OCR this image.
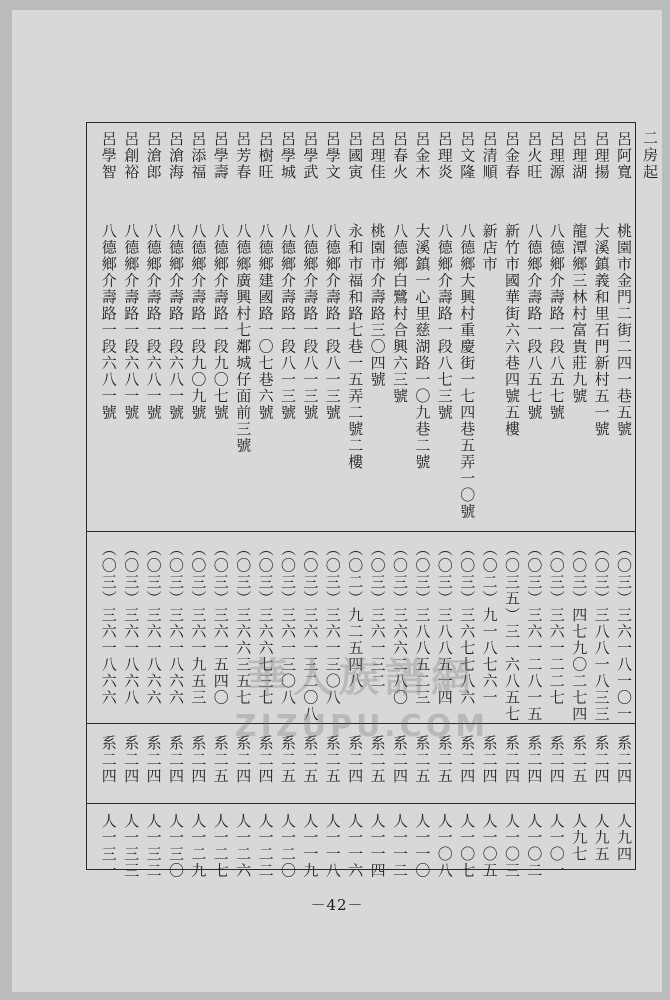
二房起
呂阿寬
桃園市金門二街二四一巷五號
（〇三）三六一八一〇一
系二四
人九四
呂理揚
大溪鎮義和里石門新村五一號
（〇三）三八八一八三三
系二四
人九五
呂理湖
龍潭鄉三林村富貴莊九號
（〇三）四七九〇二七四
系二五
人九七
呂理源
八德鄉介壽路一段八五七號
（〇三）三六一二二七
系二四
人一〇一
呂火旺
八德鄉介壽路一段八五七號
（〇三）三六一二八一五
系二四
人一〇二
呂金春
新竹市國華街六六巷四號五樓
（〇三五）三一六八五七
系二四
人一〇三
呂清順
新店市
（〇二）九一八七六一
系二四
人一〇五
呂文隆
八德鄉大興村重慶街一七四巷五弄一〇號
（〇三）三六七七八六
系二四
人一〇七
呂理炎
八德鄉介壽路一段八七三號
（〇三）三八八五一四
系二五
人一〇八
呂金木
大溪鎮一心里慈湖路一〇九巷二號
（〇三）三八八五二三
系二五
人一一〇
呂春火
八德鄉白鷺村合興六三號
（〇三）三六六二八〇
系二四
人一一二
呂理佳
桃園市介壽路三〇四號
（〇三）三六一三二
系二五
人一一四
呂國寅
永和市福和路七巷一五弄二號二樓
（〇二）九二五四八
系二四
人一一六
呂學文
八德鄉介壽路一段八一三號
（〇三）三六一三〇八
系二五
人一一八
呂學武
八德鄉介壽路一段八一三號
（〇三）三六一三二〇八
系二五
人一一九
呂學城
八德鄉介壽路一段八一三號
（〇三）三六一三〇八
系二五
人一二〇
呂樹旺
八德鄉建國路一〇七巷六號
（〇三）三六六七三七
系二四
人一二二
呂芳春
八德鄉廣興村七鄰城仔面前三號
（〇三）三六六三五七
系二四
人一二六
呂學壽
八德鄉介壽路一段九〇七號
（〇三）三六一五四〇
系二五
人一二七
呂添福
八德鄉介壽路一段九〇九號
（〇三）三六一九五三
系二四
人一二九
呂滄海
八德鄉介壽路一段六八一號
（〇三）三六一八六六
系二四
人一三〇
呂滄郎
八德鄉介壽路一段六八一號
（〇三）三六一八六六
系二四
人一三二
呂創裕
八德鄉介壽路一段六八一號
（〇三）三六一八六八
系二四
人一三三
呂學智
八德鄉介壽路一段六八一號
（〇三）三六一八六六
系二四
人一三一
華人族譜網
ZIZUPU.COM
－42－
